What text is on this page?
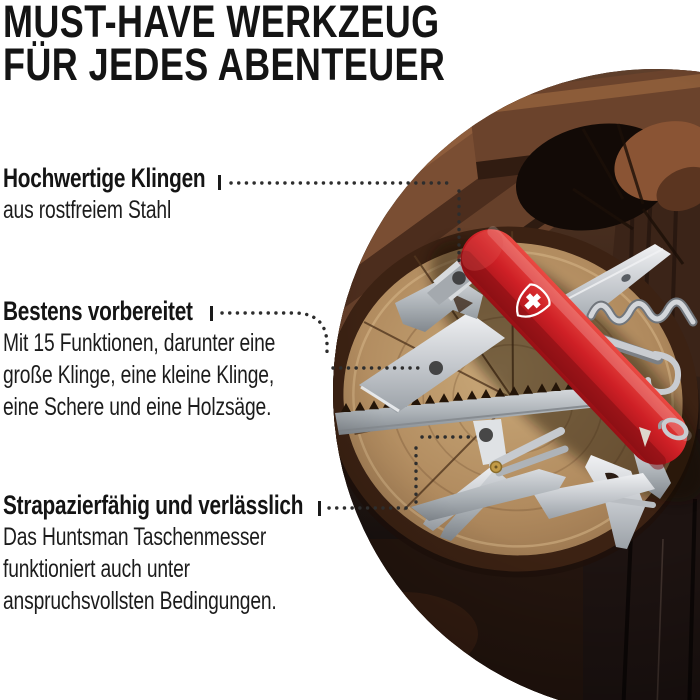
MUST-HAVE WERKZEUG
FÜR JEDES ABENTEUER
Hochwertige Klingen
aus rostfreiem Stahl
Bestens vorbereitet
Mit 15 Funktionen, darunter eine
große Klinge, eine kleine Klinge,
eine Schere und eine Holzsäge.
Strapazierfähig und verlässlich
Das Huntsman Taschenmesser
funktioniert auch unter
anspruchsvollsten Bedingungen.
